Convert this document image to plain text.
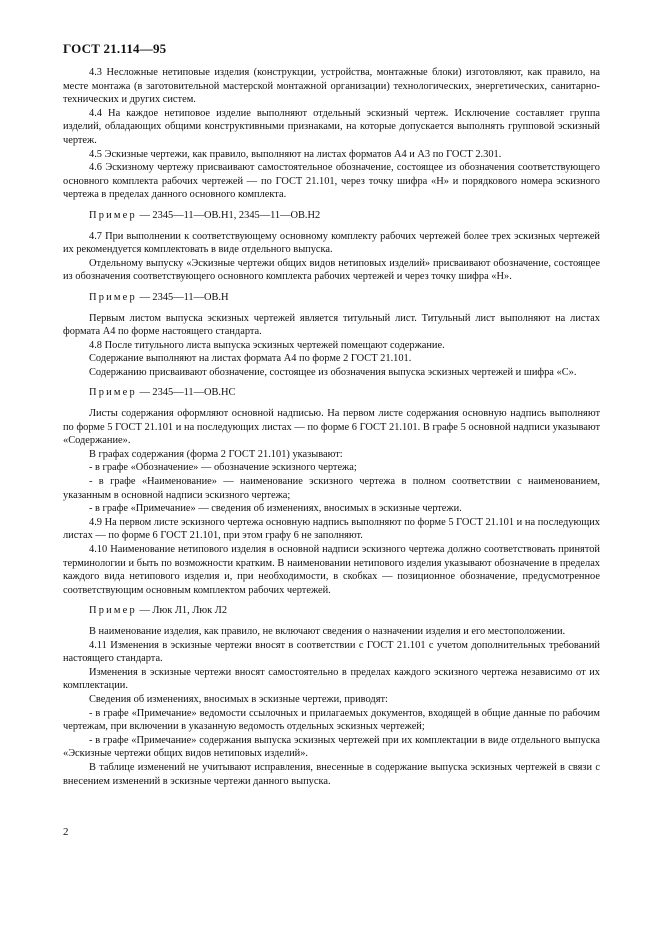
ГОСТ 21.114—95

4.3 Несложные нетиповые изделия (конструкции, устройства, монтажные блоки) изготовляют, как правило, на месте монтажа (в заготовительной мастерской монтажной организации) технологических, энергетических, санитарно-технических и других систем.

4.4 На каждое нетиповое изделие выполняют отдельный эскизный чертеж. Исключение составляет группа изделий, обладающих общими конструктивными признаками, на которые допускается выполнять групповой эскизный чертеж.

4.5 Эскизные чертежи, как правило, выполняют на листах форматов А4 и А3 по ГОСТ 2.301.

4.6 Эскизному чертежу присваивают самостоятельное обозначение, состоящее из обозначения соответствующего основного комплекта рабочих чертежей — по ГОСТ 21.101, через точку шифра «Н» и порядкового номера эскизного чертежа в пределах данного основного комплекта.

Пример — 2345—11—ОВ.Н1, 2345—11—ОВ.Н2

4.7 При выполнении к соответствующему основному комплекту рабочих чертежей более трех эскизных чертежей их рекомендуется комплектовать в виде отдельного выпуска.

Отдельному выпуску «Эскизные чертежи общих видов нетиповых изделий» присваивают обозначение, состоящее из обозначения соответствующего основного комплекта рабочих чертежей и через точку шифра «Н».

Пример — 2345—11—ОВ.Н

Первым листом выпуска эскизных чертежей является титульный лист. Титульный лист выполняют на листах формата А4 по форме настоящего стандарта.

4.8 После титульного листа выпуска эскизных чертежей помещают содержание.

Содержание выполняют на листах формата А4 по форме 2 ГОСТ 21.101.

Содержанию присваивают обозначение, состоящее из обозначения выпуска эскизных чертежей и шифра «С».

Пример — 2345—11—ОВ.НС

Листы содержания оформляют основной надписью. На первом листе содержания основную надпись выполняют по форме 5 ГОСТ 21.101 и на последующих листах — по форме 6 ГОСТ 21.101. В графе 5 основной надписи указывают «Содержание».

В графах содержания (форма 2 ГОСТ 21.101) указывают:

- в графе «Обозначение» — обозначение эскизного чертежа;

- в графе «Наименование» — наименование эскизного чертежа в полном соответствии с наименованием, указанным в основной надписи эскизного чертежа;

- в графе «Примечание» — сведения об изменениях, вносимых в эскизные чертежи.

4.9 На первом листе эскизного чертежа основную надпись выполняют по форме 5 ГОСТ 21.101 и на последующих листах — по форме 6 ГОСТ 21.101, при этом графу 6 не заполняют.

4.10 Наименование нетипового изделия в основной надписи эскизного чертежа должно соответствовать принятой терминологии и быть по возможности кратким. В наименовании нетипового изделия указывают обозначение в пределах каждого вида нетипового изделия и, при необходимости, в скобках — позиционное обозначение, предусмотренное соответствующим основным комплектом рабочих чертежей.

Пример — Люк Л1, Люк Л2

В наименование изделия, как правило, не включают сведения о назначении изделия и его местоположении.

4.11 Изменения в эскизные чертежи вносят в соответствии с ГОСТ 21.101 с учетом дополнительных требований настоящего стандарта.

Изменения в эскизные чертежи вносят самостоятельно в пределах каждого эскизного чертежа независимо от их комплектации.

Сведения об изменениях, вносимых в эскизные чертежи, приводят:

- в графе «Примечание» ведомости ссылочных и прилагаемых документов, входящей в общие данные по рабочим чертежам, при включении в указанную ведомость отдельных эскизных чертежей;

- в графе «Примечание» содержания выпуска эскизных чертежей при их комплектации в виде отдельного выпуска «Эскизные чертежи общих видов нетиповых изделий».

В таблице изменений не учитывают исправления, внесенные в содержание выпуска эскизных чертежей в связи с внесением изменений в эскизные чертежи данного выпуска.

2
